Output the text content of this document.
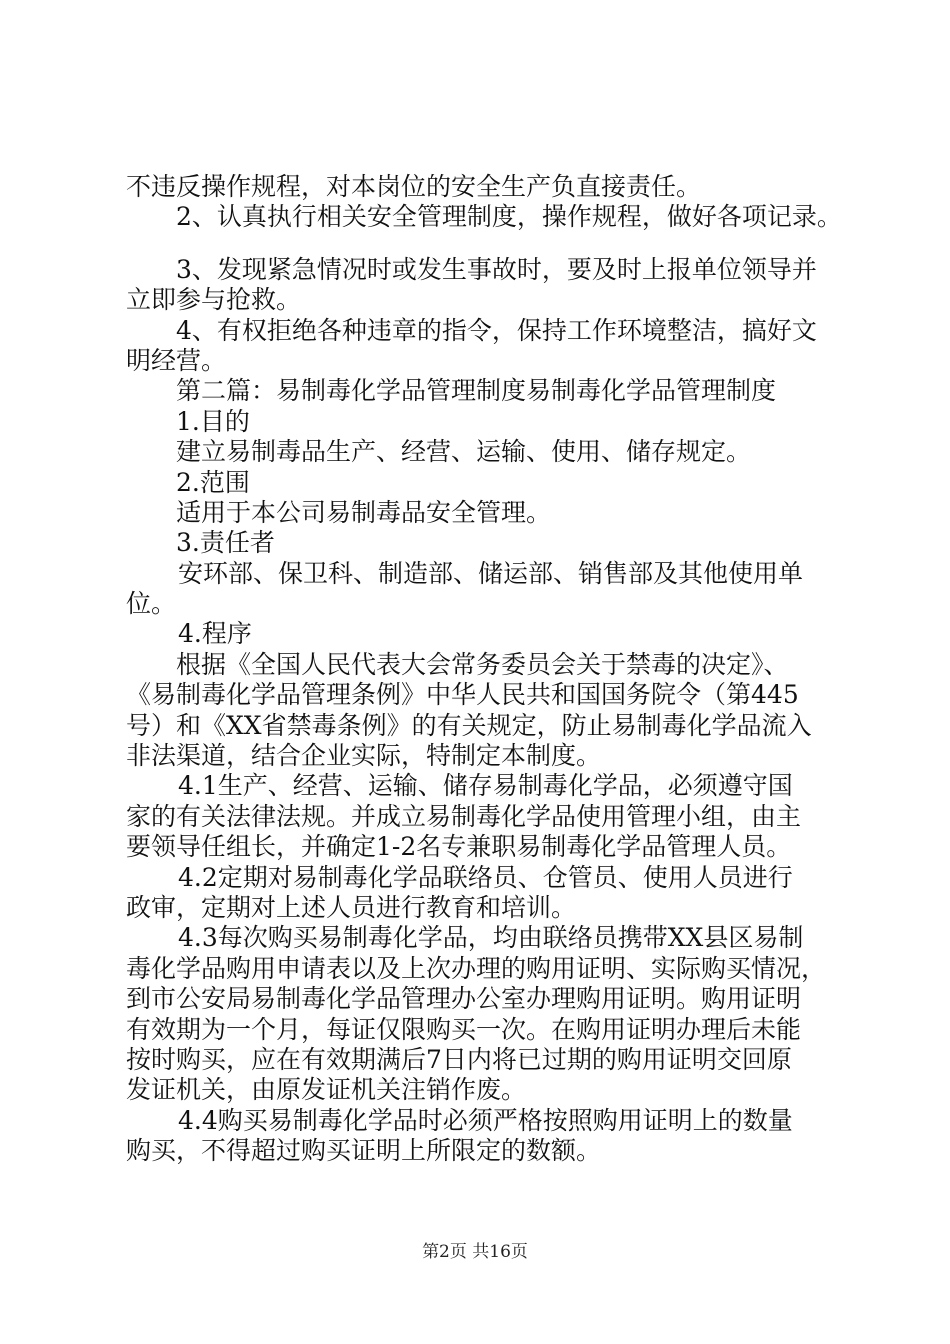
不违反操作规程，对本岗位的安全生产负直接责任。
2、认真执行相关安全管理制度，操作规程，做好各项记录。
3、发现紧急情况时或发生事故时，要及时上报单位领导并
立即参与抢救。
4、有权拒绝各种违章的指令，保持工作环境整洁，搞好文
明经营。
第二篇：易制毒化学品管理制度易制毒化学品管理制度
1.目的
建立易制毒品生产、经营、运输、使用、储存规定。
2.范围
适用于本公司易制毒品安全管理。
3.责任者
安环部、保卫科、制造部、储运部、销售部及其他使用单
位。
4.程序
根据《全国人民代表大会常务委员会关于禁毒的决定》、
《易制毒化学品管理条例》中华人民共和国国务院令（第445
号）和《XX省禁毒条例》的有关规定，防止易制毒化学品流入
非法渠道，结合企业实际，特制定本制度。
4.1生产、经营、运输、储存易制毒化学品，必须遵守国
家的有关法律法规。并成立易制毒化学品使用管理小组，由主
要领导任组长，并确定1-2名专兼职易制毒化学品管理人员。
4.2定期对易制毒化学品联络员、仓管员、使用人员进行
政审，定期对上述人员进行教育和培训。
4.3每次购买易制毒化学品，均由联络员携带XX县区易制
毒化学品购用申请表以及上次办理的购用证明、实际购买情况，
到市公安局易制毒化学品管理办公室办理购用证明。购用证明
有效期为一个月，每证仅限购买一次。在购用证明办理后未能
按时购买，应在有效期满后7日内将已过期的购用证明交回原
发证机关，由原发证机关注销作废。
4.4购买易制毒化学品时必须严格按照购用证明上的数量
购买，不得超过购买证明上所限定的数额。
第2页 共16页
